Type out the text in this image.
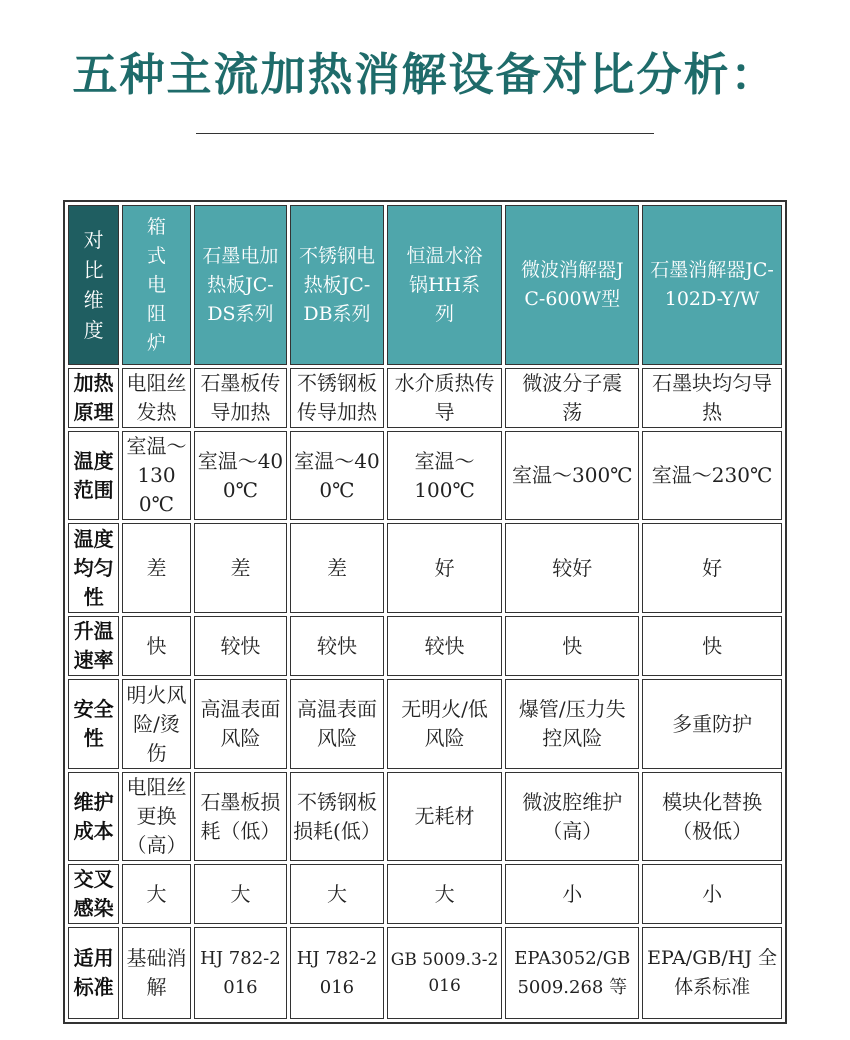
五种主流加热消解设备对比分析：
对比维度	箱式电阻炉	石墨电加热板JC-DS系列	不锈钢电热板JC-DB系列	恒温水浴锅HH系列	微波消解器JC-600W型	石墨消解器JC-102D-Y/W

加热原理	电阻丝发热	石墨板传导加热	不锈钢板传导加热	水介质热传导	微波分子震荡	石墨块均匀导热

温度范围	室温～1300℃	室温～400℃	室温～400℃	室温～100℃	室温～300℃	室温～230℃

温度均匀性	差	差	差	好	较好	好
升温速率	快	较快	较快	较快	快	快

安全性	明火风险/烫伤	高温表面风险	高温表面风险	无明火/低风险	爆管/压力失控风险	多重防护
维护成本	电阻丝更换（高）	石墨板损耗（低）	不锈钢板损耗(低）	无耗材	微波腔维护（高）	模块化替换（极低）

交叉感染	大	大	大	大	小	小
适用标准	基础消解	HJ 782-2016	HJ 782-2016	GB 5009.3-2016	EPA3052/GB 5009.268 等	EPA/GB/HJ 全体系标准
